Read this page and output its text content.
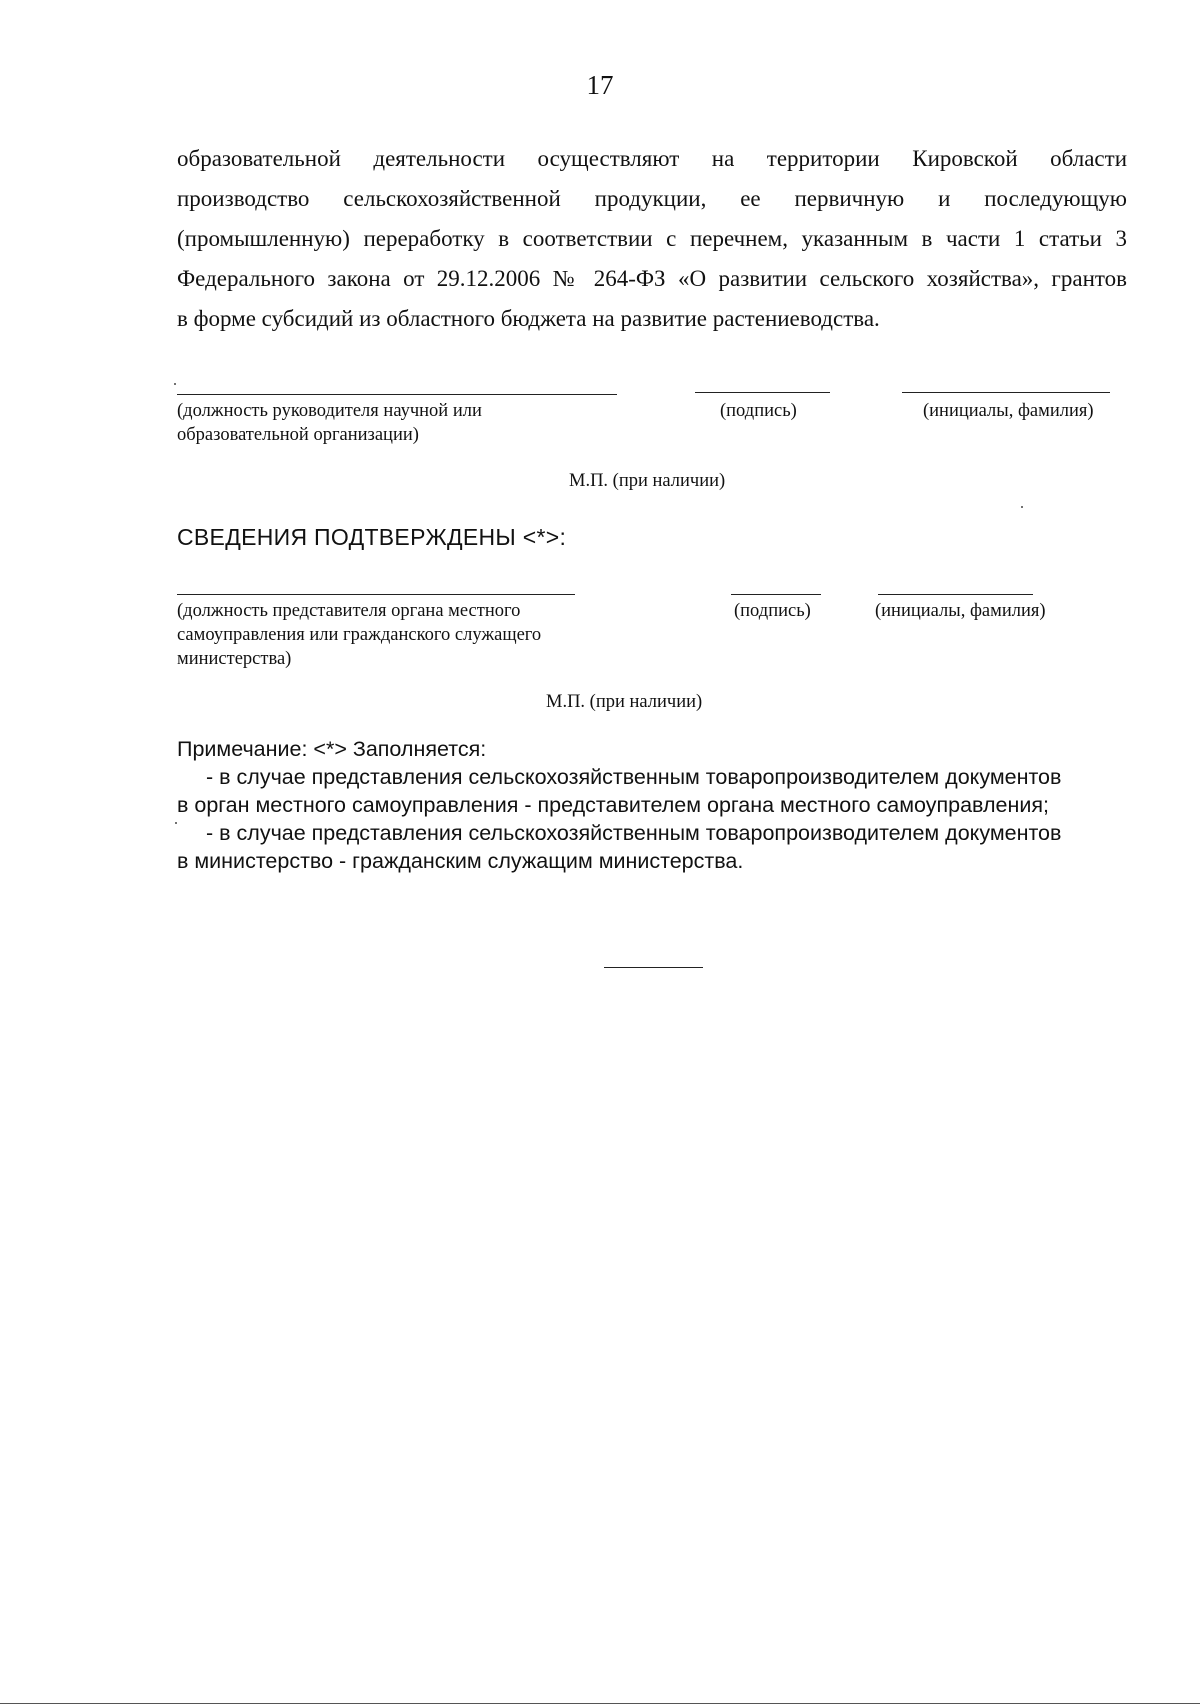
17
образовательной деятельности осуществляют на территории Кировской области
производство сельскохозяйственной продукции, ее первичную и последующую
(промышленную) переработку в соответствии с перечнем, указанным в части 1 статьи 3
Федерального закона от 29.12.2006 № 264-ФЗ «О развитии сельского хозяйства», грантов
в форме субсидий из областного бюджета на развитие растениеводства.
(должность руководителя научной или
образовательной организации)
(подпись)	(инициалы, фамилия)
М.П. (при наличии)
СВЕДЕНИЯ ПОДТВЕРЖДЕНЫ <*>:
(должность представителя органа местного
самоуправления или гражданского служащего
министерства)
(подпись)	(инициалы, фамилия)
М.П. (при наличии)
Примечание: <*> Заполняется:
- в случае представления сельскохозяйственным товаропроизводителем документов
в орган местного самоуправления - представителем органа местного самоуправления;
- в случае представления сельскохозяйственным товаропроизводителем документов
в министерство - гражданским служащим министерства.
